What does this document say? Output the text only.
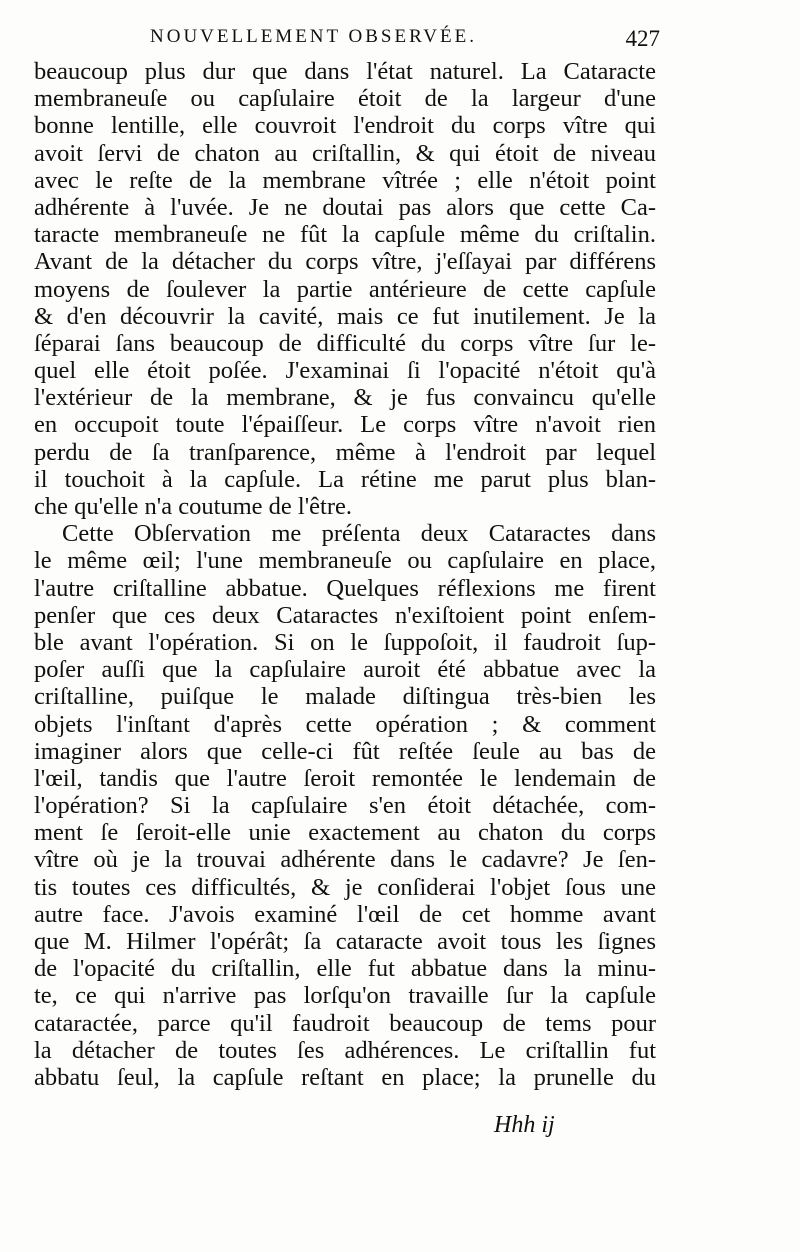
NOUVELLEMENT OBSERVÉE.	427
beaucoup plus dur que dans l'état naturel. La Cataracte
membraneuſe ou capſulaire étoit de la largeur d'une
bonne lentille, elle couvroit l'endroit du corps vître qui
avoit ſervi de chaton au criſtallin, & qui étoit de niveau
avec le reſte de la membrane vîtrée ; elle n'étoit point
adhérente à l'uvée. Je ne doutai pas alors que cette Ca-
taracte membraneuſe ne fût la capſule même du criſtalin.
Avant de la détacher du corps vître, j'eſſayai par différens
moyens de ſoulever la partie antérieure de cette capſule
& d'en découvrir la cavité, mais ce fut inutilement. Je la
ſéparai ſans beaucoup de difficulté du corps vître ſur le-
quel elle étoit poſée. J'examinai ſi l'opacité n'étoit qu'à
l'extérieur de la membrane, & je fus convaincu qu'elle
en occupoit toute l'épaiſſeur. Le corps vître n'avoit rien
perdu de ſa tranſparence, même à l'endroit par lequel
il touchoit à la capſule. La rétine me parut plus blan-
che qu'elle n'a coutume de l'être.
Cette Obſervation me préſenta deux Cataractes dans
le même œil; l'une membraneuſe ou capſulaire en place,
l'autre criſtalline abbatue. Quelques réflexions me firent
penſer que ces deux Cataractes n'exiſtoient point enſem-
ble avant l'opération. Si on le ſuppoſoit, il faudroit ſup-
poſer auſſi que la capſulaire auroit été abbatue avec la
criſtalline, puiſque le malade diſtingua très-bien les
objets l'inſtant d'après cette opération ; & comment
imaginer alors que celle-ci fût reſtée ſeule au bas de
l'œil, tandis que l'autre ſeroit remontée le lendemain de
l'opération? Si la capſulaire s'en étoit détachée, com-
ment ſe ſeroit-elle unie exactement au chaton du corps
vître où je la trouvai adhérente dans le cadavre? Je ſen-
tis toutes ces difficultés, & je conſiderai l'objet ſous une
autre face. J'avois examiné l'œil de cet homme avant
que M. Hilmer l'opérât; ſa cataracte avoit tous les ſignes
de l'opacité du criſtallin, elle fut abbatue dans la minu-
te, ce qui n'arrive pas lorſqu'on travaille ſur la capſule
cataractée, parce qu'il faudroit beaucoup de tems pour
la détacher de toutes ſes adhérences. Le criſtallin fut
abbatu ſeul, la capſule reſtant en place; la prunelle du
Hhh ij
